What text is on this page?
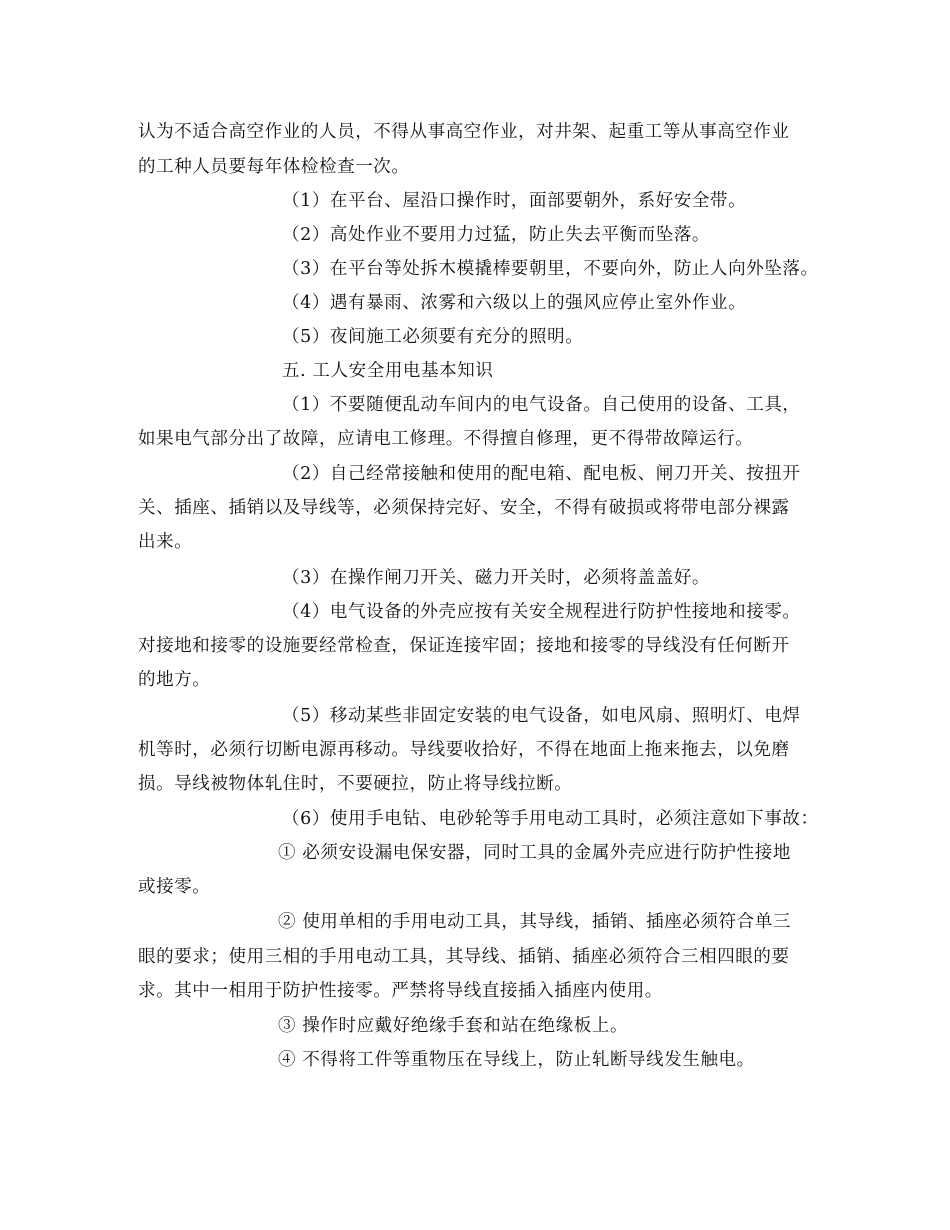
认为不适合高空作业的人员，不得从事高空作业，对井架、起重工等从事高空作业
的工种人员要每年体检检查一次。
（1）在平台、屋沿口操作时，面部要朝外，系好安全带。
（2）高处作业不要用力过猛，防止失去平衡而坠落。
（3）在平台等处拆木模撬棒要朝里，不要向外，防止人向外坠落。
（4）遇有暴雨、浓雾和六级以上的强风应停止室外作业。
（5）夜间施工必须要有充分的照明。
五. 工人安全用电基本知识
（1）不要随便乱动车间内的电气设备。自己使用的设备、工具，
如果电气部分出了故障，应请电工修理。不得擅自修理，更不得带故障运行。
（2）自己经常接触和使用的配电箱、配电板、闸刀开关、按扭开
关、插座、插销以及导线等，必须保持完好、安全，不得有破损或将带电部分裸露
出来。
（3）在操作闸刀开关、磁力开关时，必须将盖盖好。
（4）电气设备的外壳应按有关安全规程进行防护性接地和接零。
对接地和接零的设施要经常检查，保证连接牢固；接地和接零的导线没有任何断开
的地方。
（5）移动某些非固定安装的电气设备，如电风扇、照明灯、电焊
机等时，必须行切断电源再移动。导线要收拾好，不得在地面上拖来拖去，以免磨
损。导线被物体轧住时，不要硬拉，防止将导线拉断。
（6）使用手电钻、电砂轮等手用电动工具时，必须注意如下事故：
① 必须安设漏电保安器，同时工具的金属外壳应进行防护性接地
或接零。
② 使用单相的手用电动工具，其导线，插销、插座必须符合单三
眼的要求；使用三相的手用电动工具，其导线、插销、插座必须符合三相四眼的要
求。其中一相用于防护性接零。严禁将导线直接插入插座内使用。
③ 操作时应戴好绝缘手套和站在绝缘板上。
④ 不得将工件等重物压在导线上，防止轧断导线发生触电。
